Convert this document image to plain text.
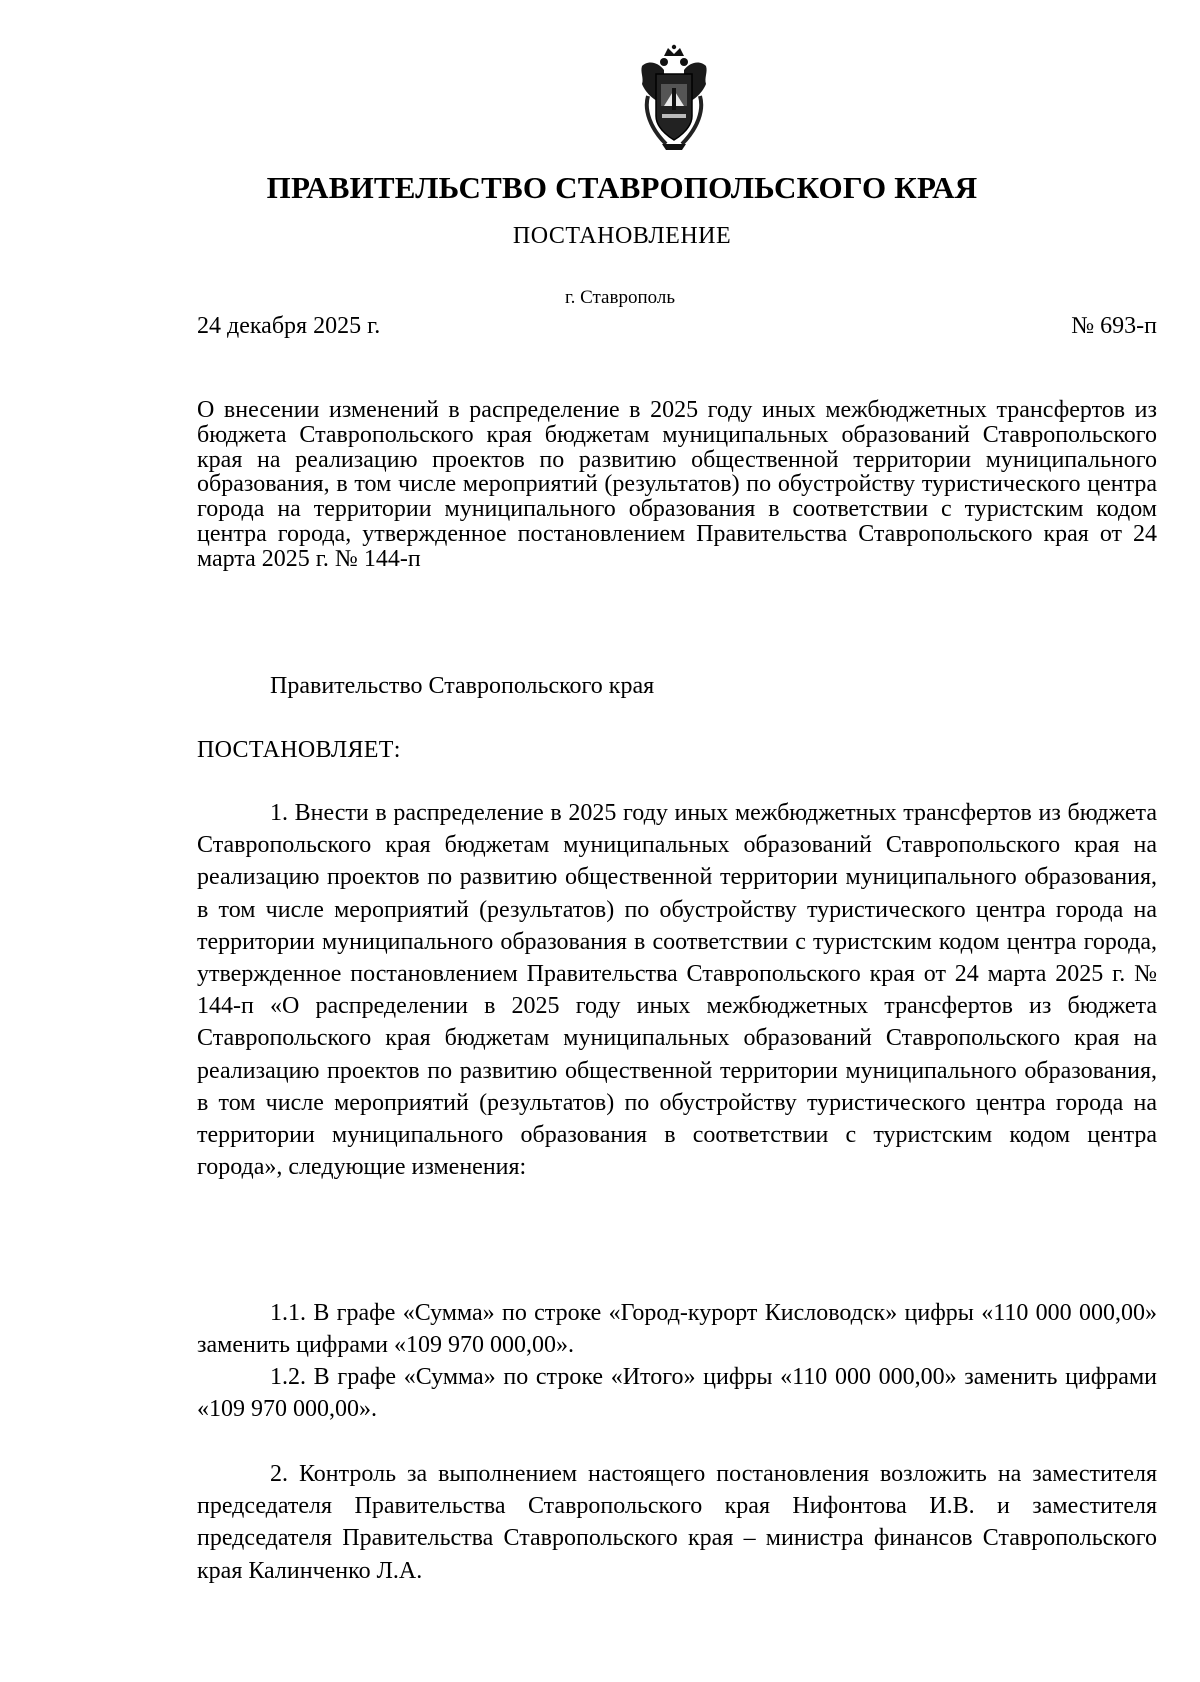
ПРАВИТЕЛЬСТВО СТАВРОПОЛЬСКОГО КРАЯ
ПОСТАНОВЛЕНИЕ
г. Ставрополь
24 декабря 2025 г.	№ 693-п
О внесении изменений в распределение в 2025 году иных межбюджетных трансфертов из бюджета Ставропольского края бюджетам муниципальных образований Ставропольского края на реализацию проектов по развитию общественной территории муниципального образования, в том числе мероприятий (результатов) по обустройству туристического центра города на территории муниципального образования в соответствии с туристским кодом центра города, утвержденное постановлением Правительства Ставропольского края от 24 марта 2025 г. № 144-п
Правительство Ставропольского края
ПОСТАНОВЛЯЕТ:

1. Внести в распределение в 2025 году иных межбюджетных трансфертов из бюджета Ставропольского края бюджетам муниципальных образований Ставропольского края на реализацию проектов по развитию общественной территории муниципального образования, в том числе мероприятий (результатов) по обустройству туристического центра города на территории муниципального образования в соответствии с туристским кодом центра города, утвержденное постановлением Правительства Ставропольского края от 24 марта 2025 г. № 144-п «О распределении в 2025 году иных межбюджетных трансфертов из бюджета Ставропольского края бюджетам муниципальных образований Ставропольского края на реализацию проектов по развитию общественной территории муниципального образования, в том числе мероприятий (результатов) по обустройству туристического центра города на территории муниципального образования в соответствии с туристским кодом центра города», следующие изменения:

1.1. В графе «Сумма» по строке «Город-курорт Кисловодск» цифры «110 000 000,00» заменить цифрами «109 970 000,00».

1.2. В графе «Сумма» по строке «Итого» цифры «110 000 000,00» заменить цифрами «109 970 000,00».

2. Контроль за выполнением настоящего постановления возложить на заместителя председателя Правительства Ставропольского края Нифонтова И.В. и заместителя председателя Правительства Ставропольского края – министра финансов Ставропольского края Калинченко Л.А.
